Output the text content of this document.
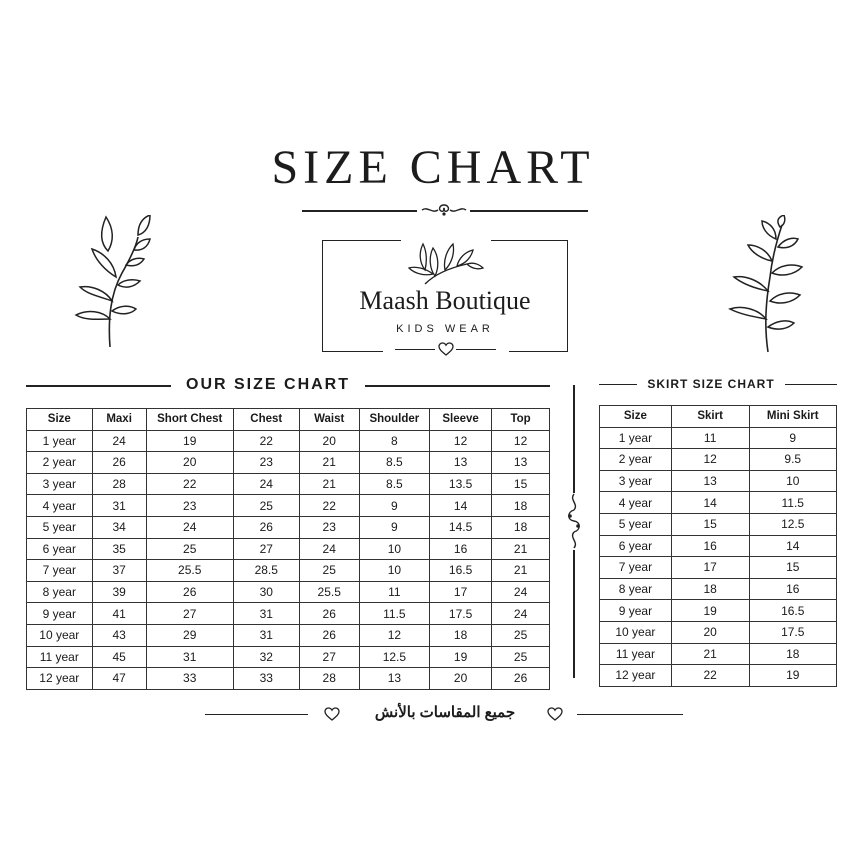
SIZE CHART
Maash Boutique
KIDS WEAR
OUR SIZE CHART	SKIRT SIZE CHART
Size	Maxi	Short Chest	Chest	Waist	Shoulder	Sleeve	Top
1 year	24	19	22	20	8	12	12
2 year	26	20	23	21	8.5	13	13
3 year	28	22	24	21	8.5	13.5	15
4 year	31	23	25	22	9	14	18
5 year	34	24	26	23	9	14.5	18
6 year	35	25	27	24	10	16	21
7 year	37	25.5	28.5	25	10	16.5	21
8 year	39	26	30	25.5	11	17	24
9 year	41	27	31	26	11.5	17.5	24
10 year	43	29	31	26	12	18	25
11 year	45	31	32	27	12.5	19	25
12 year	47	33	33	28	13	20	26
Size	Skirt	Mini Skirt
1 year	11	9
2 year	12	9.5
3 year	13	10
4 year	14	11.5
5 year	15	12.5
6 year	16	14
7 year	17	15
8 year	18	16
9 year	19	16.5
10 year	20	17.5
11 year	21	18
12 year	22	19
جميع المقاسات بالأنش
